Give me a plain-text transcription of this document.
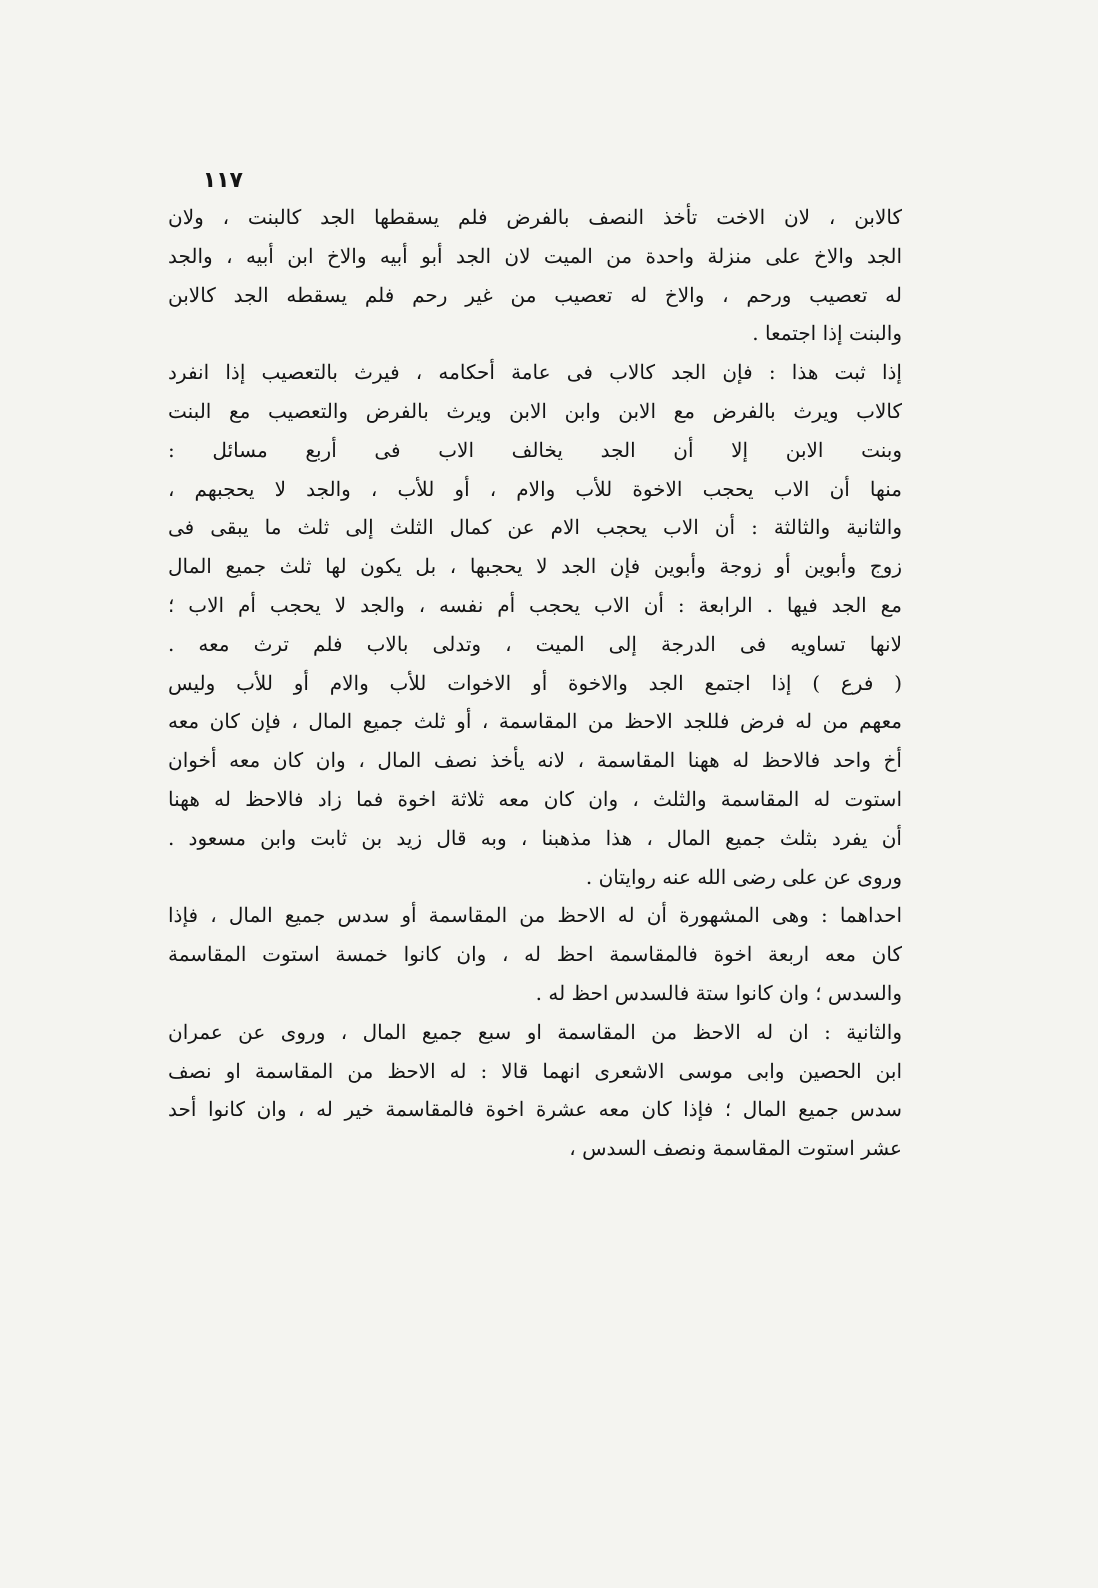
١١٧
كالابن ، لان الاخت تأخذ النصف بالفرض فلم يسقطها الجد كالبنت ، ولان
الجد والاخ على منزلة واحدة من الميت لان الجد أبو أبيه والاخ ابن أبيه ، والجد
له تعصيب ورحم ، والاخ له تعصيب من غير رحم فلم يسقطه الجد كالابن
والبنت إذا اجتمعا .
إذا ثبت هذا : فإن الجد كالاب فى عامة أحكامه ، فيرث بالتعصيب إذا انفرد
كالاب ويرث بالفرض مع الابن وابن الابن ويرث بالفرض والتعصيب مع البنت
وبنت الابن إلا أن الجد يخالف الاب فى أربع مسائل :
منها أن الاب يحجب الاخوة للأب والام ، أو للأب ، والجد لا يحجبهم ،
والثانية والثالثة : أن الاب يحجب الام عن كمال الثلث إلى ثلث ما يبقى فى
زوج وأبوين أو زوجة وأبوين فإن الجد لا يحجبها ، بل يكون لها ثلث جميع المال
مع الجد فيها . الرابعة : أن الاب يحجب أم نفسه ، والجد لا يحجب أم الاب ؛
لانها تساويه فى الدرجة إلى الميت ، وتدلى بالاب فلم ترث معه .
( فرع ) إذا اجتمع الجد والاخوة أو الاخوات للأب والام أو للأب وليس
معهم من له فرض فللجد الاحظ من المقاسمة ، أو ثلث جميع المال ، فإن كان معه
أخ واحد فالاحظ له ههنا المقاسمة ، لانه يأخذ نصف المال ، وان كان معه أخوان
استوت له المقاسمة والثلث ، وان كان معه ثلاثة اخوة فما زاد فالاحظ له ههنا
أن يفرد بثلث جميع المال ، هذا مذهبنا ، وبه قال زيد بن ثابت وابن مسعود .
وروى عن على رضى الله عنه روايتان .
احداهما : وهى المشهورة أن له الاحظ من المقاسمة أو سدس جميع المال ، فإذا
كان معه اربعة اخوة فالمقاسمة احظ له ، وان كانوا خمسة استوت المقاسمة
والسدس ؛ وان كانوا ستة فالسدس احظ له .
والثانية : ان له الاحظ من المقاسمة او سبع جميع المال ، وروى عن عمران
ابن الحصين وابى موسى الاشعرى انهما قالا : له الاحظ من المقاسمة او نصف
سدس جميع المال ؛ فإذا كان معه عشرة اخوة فالمقاسمة خير له ، وان كانوا أحد
عشر استوت المقاسمة ونصف السدس ،
